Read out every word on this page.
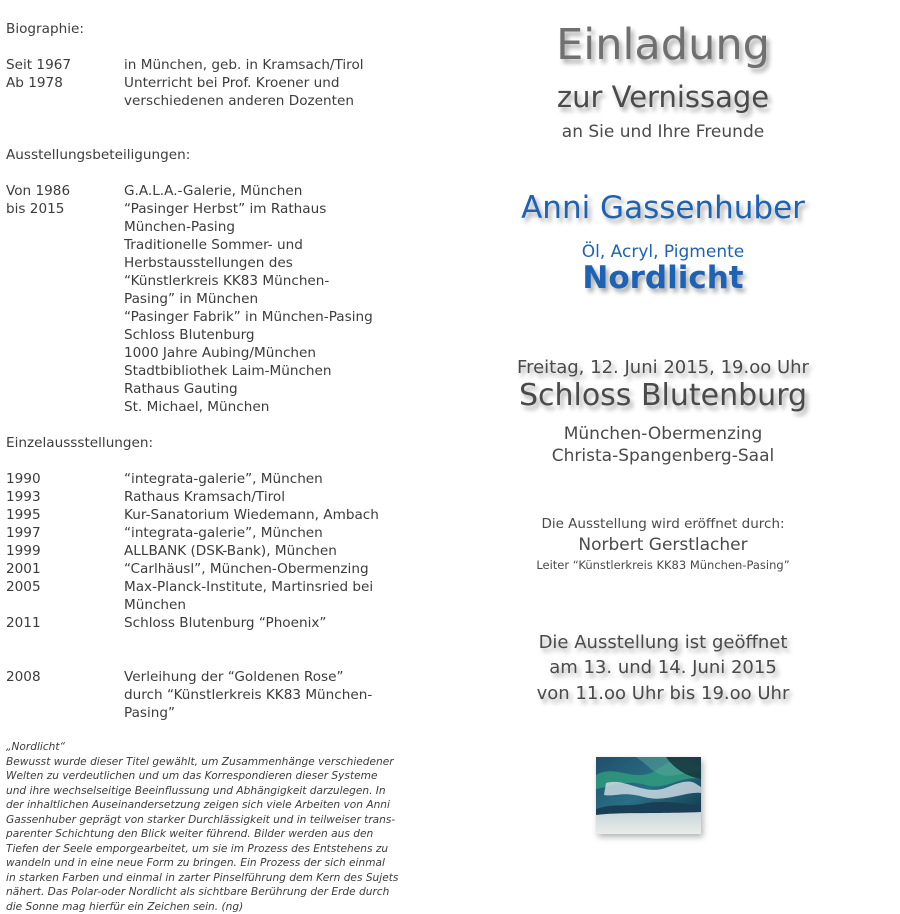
Biographie:
Seit 1967	in München, geb. in Kramsach/Tirol
Ab 1978	Unterricht bei Prof. Kroener und
verschiedenen anderen Dozenten
Ausstellungsbeteiligungen:
Von 1986	G.A.L.A.-Galerie, München
bis 2015	“Pasinger Herbst” im Rathaus
München-Pasing
Traditionelle Sommer- und
Herbstausstellungen des
“Künstlerkreis KK83 München-
Pasing” in München
“Pasinger Fabrik” in München-Pasing
Schloss Blutenburg
1000 Jahre Aubing/München
Stadtbibliothek Laim-München
Rathaus Gauting
St. Michael, München
Einzelaussstellungen:
1990	“integrata-galerie”, München
1993	Rathaus Kramsach/Tirol
1995	Kur-Sanatorium Wiedemann, Ambach
1997	“integrata-galerie”, München
1999	ALLBANK (DSK-Bank), München
2001	“Carlhäusl”, München-Obermenzing
2005	Max-Planck-Institute, Martinsried bei
München
2011	Schloss Blutenburg “Phoenix”
2008	Verleihung der “Goldenen Rose”
durch “Künstlerkreis KK83 München-
Pasing”
„Nordlicht“
Bewusst wurde dieser Titel gewählt, um Zusammenhänge verschiedener
Welten zu verdeutlichen und um das Korrespondieren dieser Systeme
und ihre wechselseitige Beeinflussung und Abhängigkeit darzulegen. In
der inhaltlichen Auseinandersetzung zeigen sich viele Arbeiten von Anni
Gassenhuber geprägt von starker Durchlässigkeit und in teilweiser trans-
parenter Schichtung den Blick weiter führend. Bilder werden aus den
Tiefen der Seele emporgearbeitet, um sie im Prozess des Entstehens zu
wandeln und in eine neue Form zu bringen. Ein Prozess der sich einmal
in starken Farben und einmal in zarter Pinselführung dem Kern des Sujets
nähert. Das Polar-oder Nordlicht als sichtbare Berührung der Erde durch
die Sonne mag hierfür ein Zeichen sein. (ng)
Einladung
zur Vernissage
an Sie und Ihre Freunde
Anni Gassenhuber
Öl, Acryl, Pigmente
Nordlicht
Freitag, 12. Juni 2015, 19.oo Uhr
Schloss Blutenburg
München-Obermenzing
Christa-Spangenberg-Saal
Die Ausstellung wird eröffnet durch:
Norbert Gerstlacher
Leiter “Künstlerkreis KK83 München-Pasing”
Die Ausstellung ist geöffnet
am 13. und 14. Juni 2015
von 11.oo Uhr bis 19.oo Uhr
